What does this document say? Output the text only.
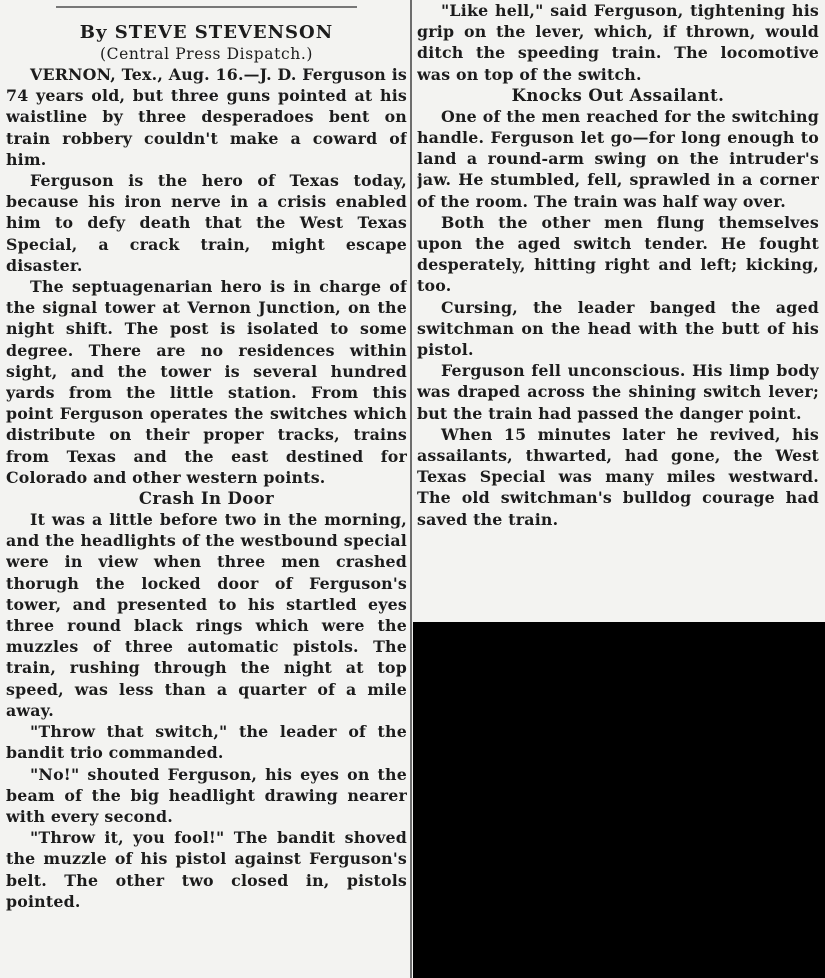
By STEVE STEVENSON
(Central Press Dispatch.)

VERNON, Tex., Aug. 16.—J. D. Ferguson is 74 years old, but three guns pointed at his waistline by three desperadoes bent on train robbery couldn't make a coward of him.

Ferguson is the hero of Texas today, because his iron nerve in a crisis enabled him to defy death that the West Texas Special, a crack train, might escape disaster.

The septuagenarian hero is in charge of the signal tower at Vernon Junction, on the night shift. The post is isolated to some degree. There are no residences within sight, and the tower is several hundred yards from the little station. From this point Ferguson operates the switches which distribute on their proper tracks, trains from Texas and the east destined for Colorado and other western points.

Crash In Door

It was a little before two in the morning, and the headlights of the westbound special were in view when three men crashed thorugh the locked door of Ferguson's tower, and presented to his startled eyes three round black rings which were the muzzles of three automatic pistols. The train, rushing through the night at top speed, was less than a quarter of a mile away.

"Throw that switch," the leader of the bandit trio commanded.

"No!" shouted Ferguson, his eyes on the beam of the big headlight drawing nearer with every second.

"Throw it, you fool!" The bandit shoved the muzzle of his pistol against Ferguson's belt. The other two closed in, pistols pointed.

"Like hell," said Ferguson, tightening his grip on the lever, which, if thrown, would ditch the speeding train. The locomotive was on top of the switch.

Knocks Out Assailant.

One of the men reached for the switching handle. Ferguson let go—for long enough to land a round-arm swing on the intruder's jaw. He stumbled, fell, sprawled in a corner of the room. The train was half way over.

Both the other men flung themselves upon the aged switch tender. He fought desperately, hitting right and left; kicking, too.

Cursing, the leader banged the aged switchman on the head with the butt of his pistol.

Ferguson fell unconscious. His limp body was draped across the shining switch lever; but the train had passed the danger point.

When 15 minutes later he revived, his assailants, thwarted, had gone, the West Texas Special was many miles westward. The old switchman's bulldog courage had saved the train.
